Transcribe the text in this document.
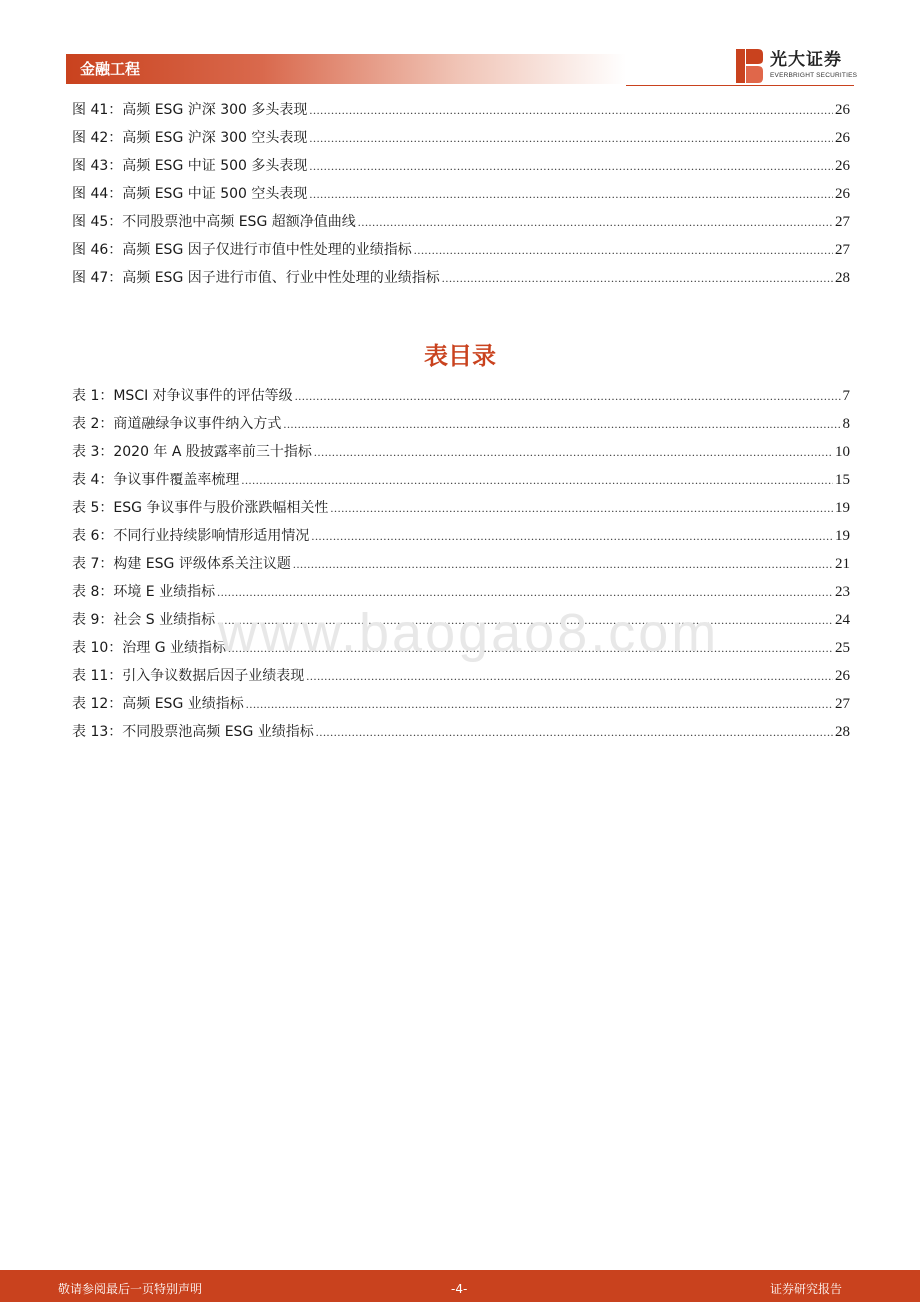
金融工程	光大证券
EVERBRIGHT SECURITIES
图 41：高频 ESG 沪深 300 多头表现 .....	26
图 42：高频 ESG 沪深 300 空头表现 .....	26
图 43：高频 ESG 中证 500 多头表现 .....	26
图 44：高频 ESG 中证 500 空头表现 .....	26
图 45：不同股票池中高频 ESG 超额净值曲线 .....	27
图 46：高频 ESG 因子仅进行市值中性处理的业绩指标 .....	27
图 47：高频 ESG 因子进行市值、行业中性处理的业绩指标 .....	28
表目录
表 1：MSCI 对争议事件的评估等级 .....	7
表 2：商道融绿争议事件纳入方式 .....	8
表 3：2020 年 A 股披露率前三十指标 .....	10
表 4：争议事件覆盖率梳理 .....	15
表 5：ESG 争议事件与股价涨跌幅相关性 .....	19
表 6：不同行业持续影响情形适用情况 .....	19
表 7：构建 ESG 评级体系关注议题 .....	21
表 8：环境 E 业绩指标 .....	23
表 9：社会 S 业绩指标 .....	24
表 10：治理 G 业绩指标 .....	25
表 11：引入争议数据后因子业绩表现 .....	26
表 12：高频 ESG 业绩指标 .....	27
表 13：不同股票池高频 ESG 业绩指标 .....	28
www.baogao8.com
敬请参阅最后一页特别声明	-4-	证券研究报告
